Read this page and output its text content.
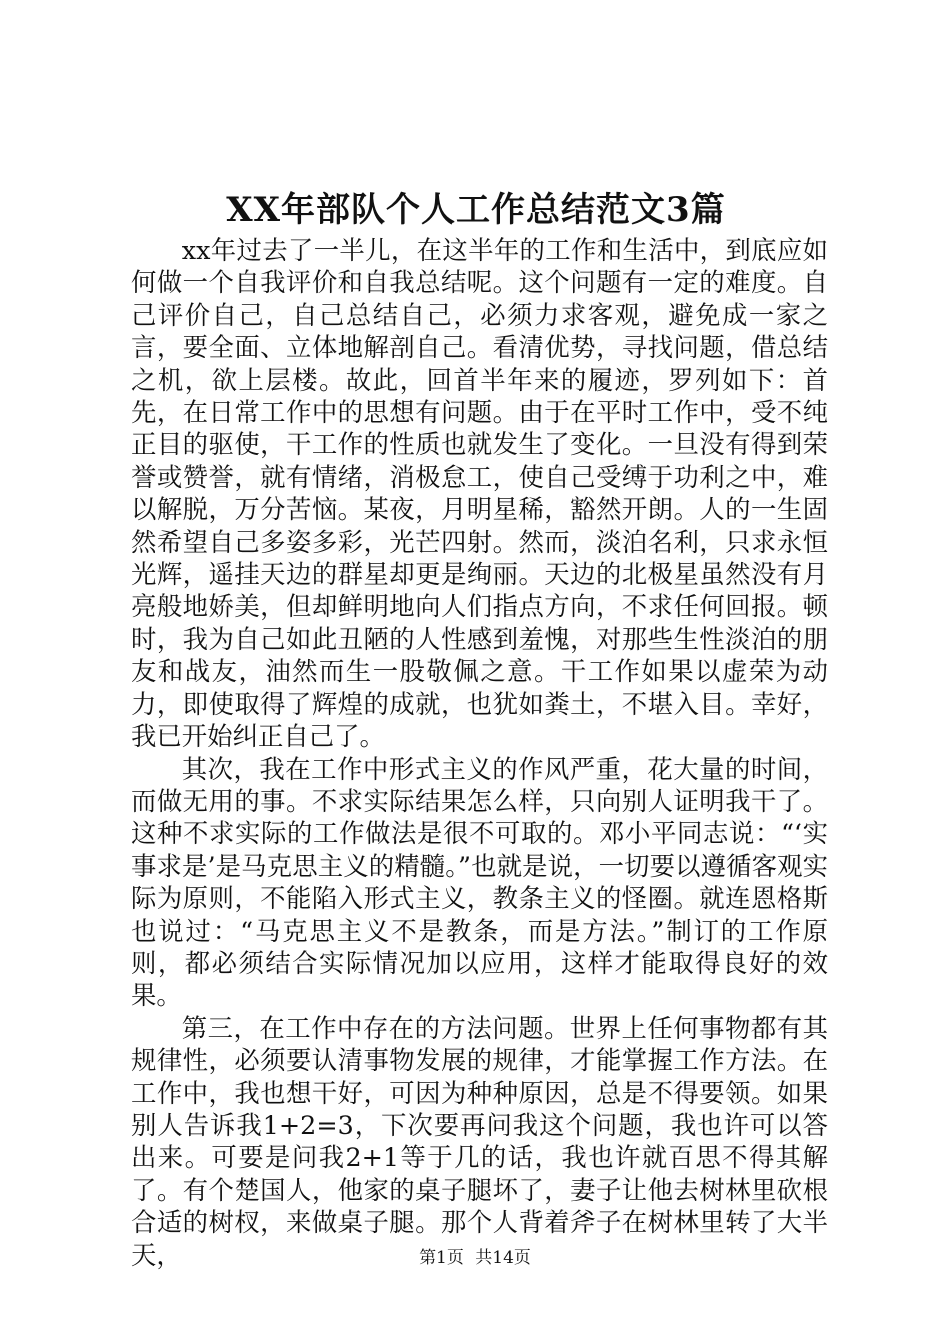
XX年部队个人工作总结范文3篇

xx年过去了一半儿，在这半年的工作和生活中，到底应如何做一个自我评价和自我总结呢。这个问题有一定的难度。自己评价自己，自己总结自己，必须力求客观，避免成一家之言，要全面、立体地解剖自己。看清优势，寻找问题，借总结之机，欲上层楼。故此，回首半年来的履迹，罗列如下：首先，在日常工作中的思想有问题。由于在平时工作中，受不纯正目的驱使，干工作的性质也就发生了变化。一旦没有得到荣誉或赞誉，就有情绪，消极怠工，使自己受缚于功利之中，难以解脱，万分苦恼。某夜，月明星稀，豁然开朗。人的一生固然希望自己多姿多彩，光芒四射。然而，淡泊名利，只求永恒光辉，遥挂天边的群星却更是绚丽。天边的北极星虽然没有月亮般地娇美，但却鲜明地向人们指点方向，不求任何回报。顿时，我为自己如此丑陋的人性感到羞愧，对那些生性淡泊的朋友和战友，油然而生一股敬佩之意。干工作如果以虚荣为动力，即使取得了辉煌的成就，也犹如粪土，不堪入目。幸好，我已开始纠正自己了。

其次，我在工作中形式主义的作风严重，花大量的时间，而做无用的事。不求实际结果怎么样，只向别人证明我干了。这种不求实际的工作做法是很不可取的。邓小平同志说：“‘实事求是’是马克思主义的精髓。”也就是说，一切要以遵循客观实际为原则，不能陷入形式主义，教条主义的怪圈。就连恩格斯也说过：“马克思主义不是教条，而是方法。”制订的工作原则，都必须结合实际情况加以应用，这样才能取得良好的效果。

第三，在工作中存在的方法问题。世界上任何事物都有其规律性，必须要认清事物发展的规律，才能掌握工作方法。在工作中，我也想干好，可因为种种原因，总是不得要领。如果别人告诉我1+2=3，下次要再问我这个问题，我也许可以答出来。可要是问我2+1等于几的话，我也许就百思不得其解了。有个楚国人，他家的桌子腿坏了，妻子让他去树林里砍根合适的树杈，来做桌子腿。那个人背着斧子在树林里转了大半天，	第1页 共14页
